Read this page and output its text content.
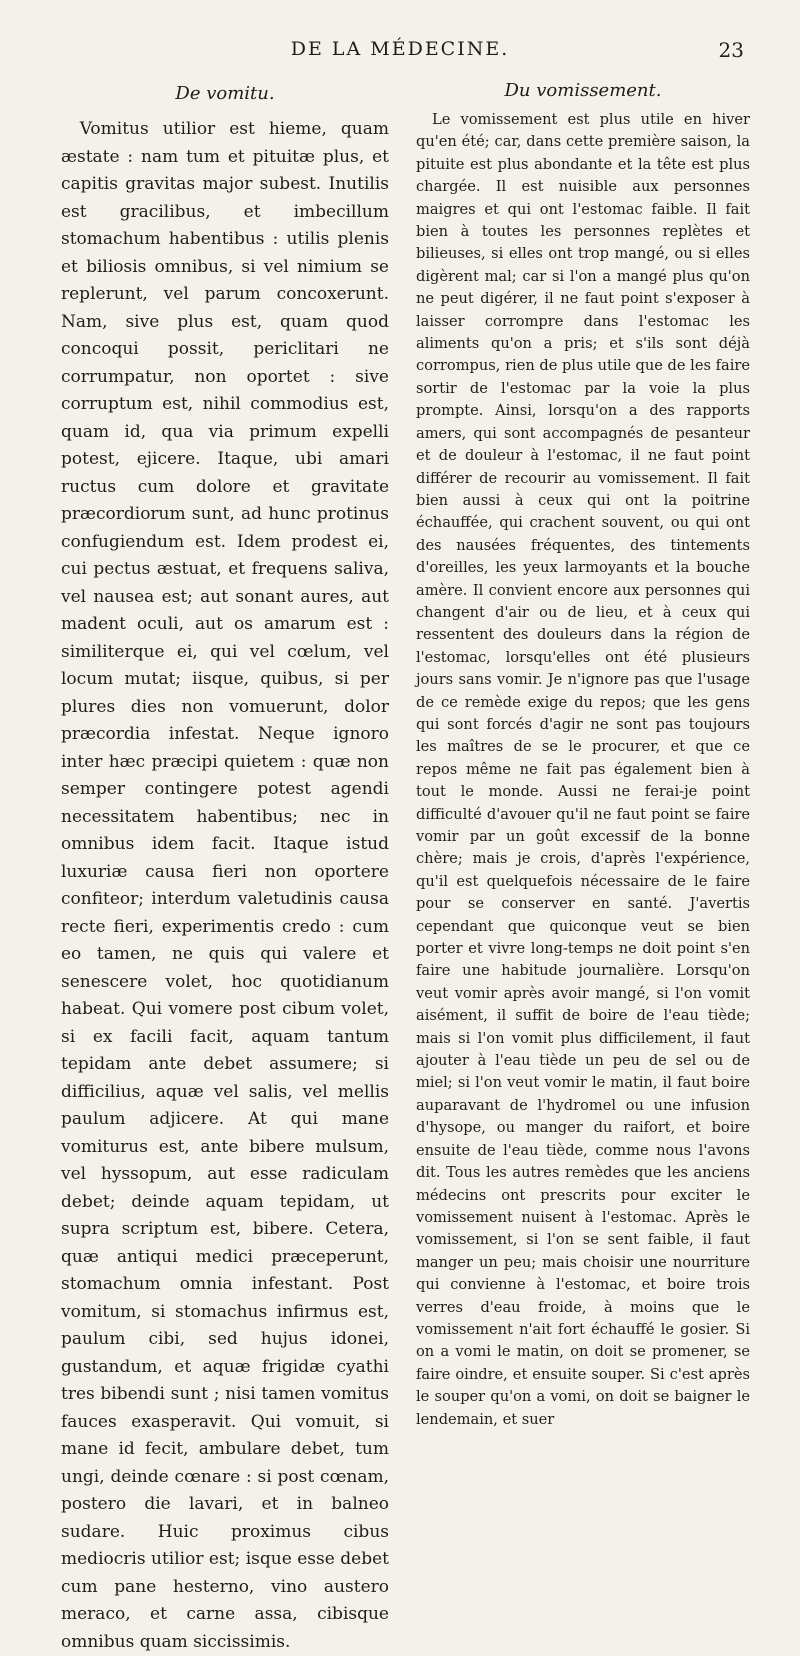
DE LA MÉDECINE.	23
De vomitu.

Vomitus utilior est hieme, quam æstate : nam tum et pituitæ plus, et capitis gravitas major subest. Inutilis est gracilibus, et imbecillum stomachum habentibus : utilis plenis et biliosis omnibus, si vel nimium se replerunt, vel parum concoxerunt. Nam, sive plus est, quam quod concoqui possit, periclitari ne corrumpatur, non oportet : sive corruptum est, nihil commodius est, quam id, qua via primum expelli potest, ejicere. Itaque, ubi amari ructus cum dolore et gravitate præcordiorum sunt, ad hunc protinus confugiendum est. Idem prodest ei, cui pectus æstuat, et frequens saliva, vel nausea est; aut sonant aures, aut madent oculi, aut os amarum est : similiterque ei, qui vel cœlum, vel locum mutat; iisque, quibus, si per plures dies non vomuerunt, dolor præcordia infestat. Neque ignoro inter hæc præcipi quietem : quæ non semper contingere potest agendi necessitatem habentibus; nec in omnibus idem facit. Itaque istud luxuriæ causa fieri non oportere confiteor; interdum valetudinis causa recte fieri, experimentis credo : cum eo tamen, ne quis qui valere et senescere volet, hoc quotidianum habeat. Qui vomere post cibum volet, si ex facili facit, aquam tantum tepidam ante debet assumere; si difficilius, aquæ vel salis, vel mellis paulum adjicere. At qui mane vomiturus est, ante bibere mulsum, vel hyssopum, aut esse radiculam debet; deinde aquam tepidam, ut supra scriptum est, bibere. Cetera, quæ antiqui medici præceperunt, stomachum omnia infestant. Post vomitum, si stomachus infirmus est, paulum cibi, sed hujus idonei, gustandum, et aquæ frigidæ cyathi tres bibendi sunt ; nisi tamen vomitus fauces exasperavit. Qui vomuit, si mane id fecit, ambulare debet, tum ungi, deinde cœnare : si post cœnam, postero die lavari, et in balneo sudare. Huic proximus cibus mediocris utilior est; isque esse debet cum pane hesterno, vino austero meraco, et carne assa, cibisque omnibus quam siccissimis.

Du vomissement.

Le vomissement est plus utile en hiver qu'en été; car, dans cette première saison, la pituite est plus abondante et la tête est plus chargée. Il est nuisible aux personnes maigres et qui ont l'estomac faible. Il fait bien à toutes les personnes replètes et bilieuses, si elles ont trop mangé, ou si elles digèrent mal; car si l'on a mangé plus qu'on ne peut digérer, il ne faut point s'exposer à laisser corrompre dans l'estomac les aliments qu'on a pris; et s'ils sont déjà corrompus, rien de plus utile que de les faire sortir de l'estomac par la voie la plus prompte. Ainsi, lorsqu'on a des rapports amers, qui sont accompagnés de pesanteur et de douleur à l'estomac, il ne faut point différer de recourir au vomissement. Il fait bien aussi à ceux qui ont la poitrine échauffée, qui crachent souvent, ou qui ont des nausées fréquentes, des tintements d'oreilles, les yeux larmoyants et la bouche amère. Il convient encore aux personnes qui changent d'air ou de lieu, et à ceux qui ressentent des douleurs dans la région de l'estomac, lorsqu'elles ont été plusieurs jours sans vomir. Je n'ignore pas que l'usage de ce remède exige du repos; que les gens qui sont forcés d'agir ne sont pas toujours les maîtres de se le procurer, et que ce repos même ne fait pas également bien à tout le monde. Aussi ne ferai-je point difficulté d'avouer qu'il ne faut point se faire vomir par un goût excessif de la bonne chère; mais je crois, d'après l'expérience, qu'il est quelquefois nécessaire de le faire pour se conserver en santé. J'avertis cependant que quiconque veut se bien porter et vivre long-temps ne doit point s'en faire une habitude journalière. Lorsqu'on veut vomir après avoir mangé, si l'on vomit aisément, il suffit de boire de l'eau tiède; mais si l'on vomit plus difficilement, il faut ajouter à l'eau tiède un peu de sel ou de miel; si l'on veut vomir le matin, il faut boire auparavant de l'hydromel ou une infusion d'hysope, ou manger du raifort, et boire ensuite de l'eau tiède, comme nous l'avons dit. Tous les autres remèdes que les anciens médecins ont prescrits pour exciter le vomissement nuisent à l'estomac. Après le vomissement, si l'on se sent faible, il faut manger un peu; mais choisir une nourriture qui convienne à l'estomac, et boire trois verres d'eau froide, à moins que le vomissement n'ait fort échauffé le gosier. Si on a vomi le matin, on doit se promener, se faire oindre, et ensuite souper. Si c'est après le souper qu'on a vomi, on doit se baigner le lendemain, et suer
